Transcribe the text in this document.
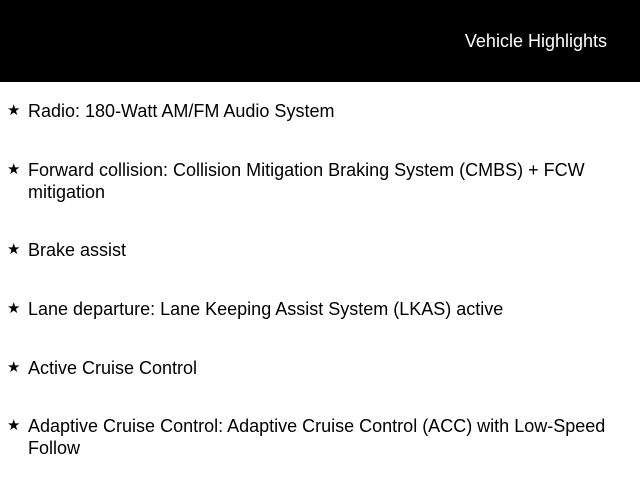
Vehicle Highlights
★ Radio: 180-Watt AM/FM Audio System
★ Forward collision: Collision Mitigation Braking System (CMBS) + FCW mitigation
★ Brake assist
★ Lane departure: Lane Keeping Assist System (LKAS) active
★ Active Cruise Control
★ Adaptive Cruise Control: Adaptive Cruise Control (ACC) with Low-Speed Follow
